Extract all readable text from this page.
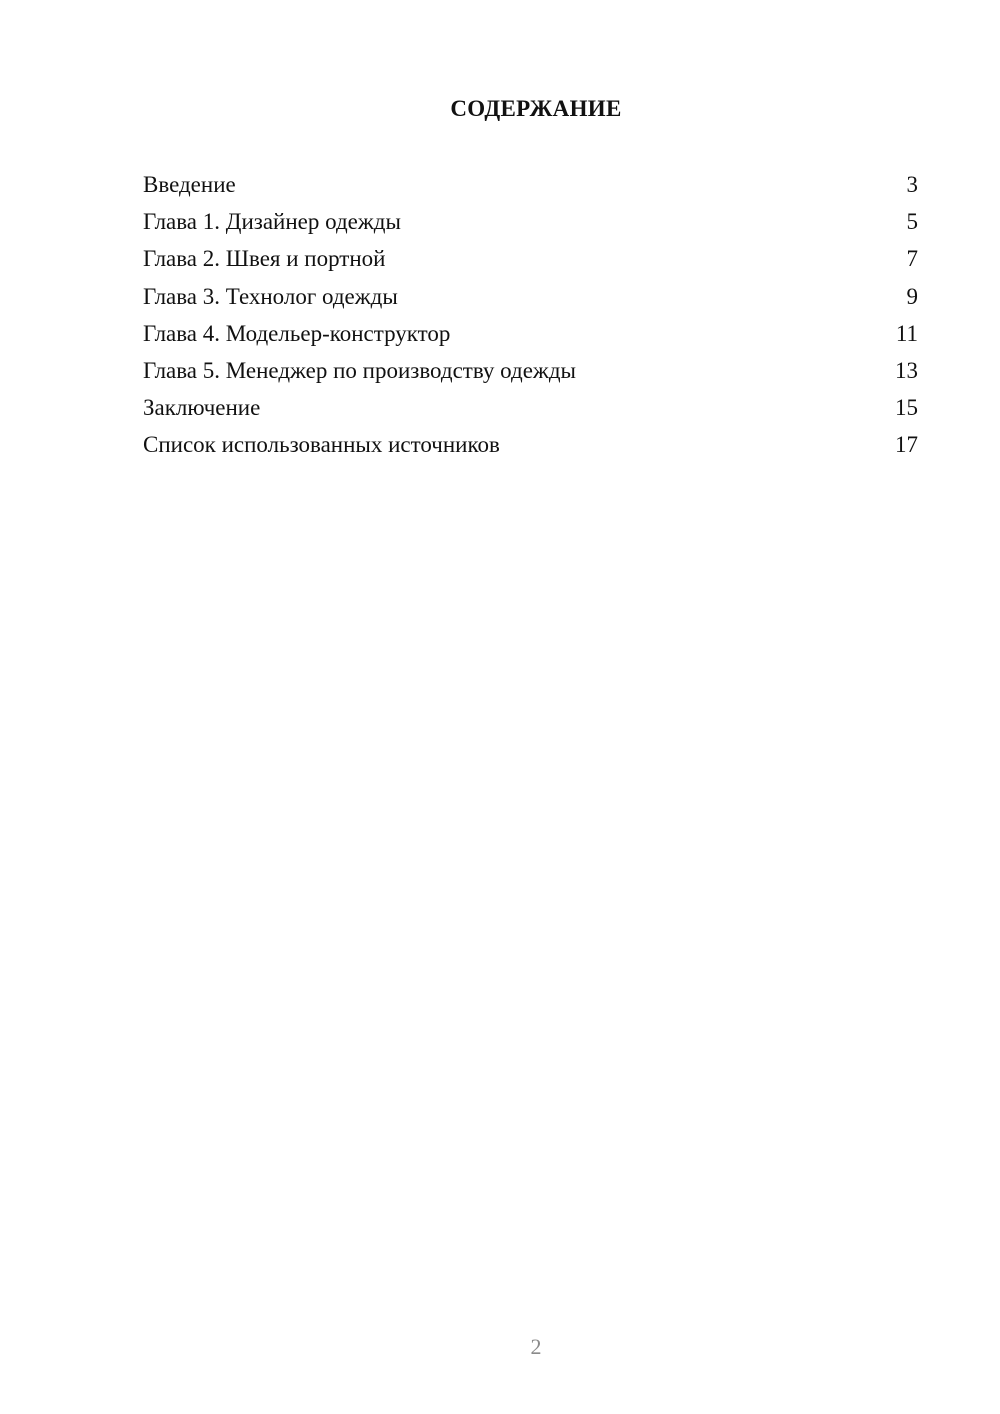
СОДЕРЖАНИЕ
Введение	3
Глава 1. Дизайнер одежды	5
Глава 2. Швея и портной	7
Глава 3. Технолог одежды	9
Глава 4. Модельер-конструктор	11
Глава 5. Менеджер по производству одежды	13
Заключение	15
Список использованных источников	17
2
